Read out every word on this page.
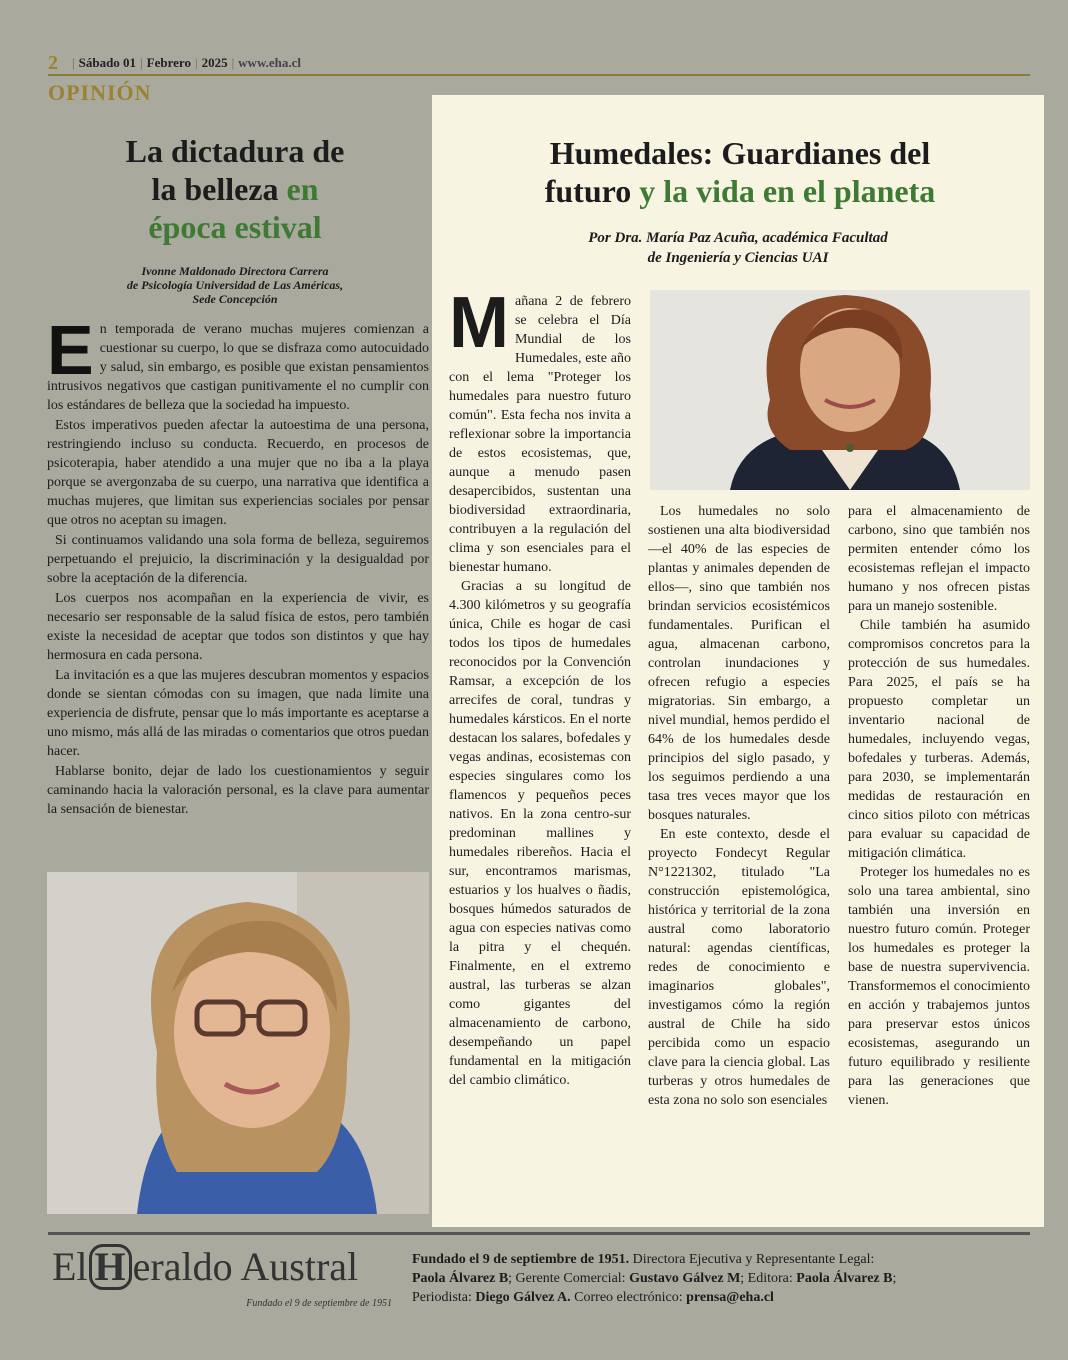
2 | Sábado 01 | Febrero | 2025 | www.eha.cl
OPINIÓN
La dictadura de
la belleza en
época estival
Ivonne Maldonado Directora Carrera
de Psicología Universidad de Las Américas,
Sede Concepción

En temporada de verano muchas mujeres comienzan a cuestionar su cuerpo, lo que se disfraza como autocuidado y salud, sin embargo, es posible que existan pensamientos intrusivos negativos que castigan punitivamente el no cumplir con los estándares de belleza que la sociedad ha impuesto.

Estos imperativos pueden afectar la autoestima de una persona, restringiendo incluso su conducta. Recuerdo, en procesos de psicoterapia, haber atendido a una mujer que no iba a la playa porque se avergonzaba de su cuerpo, una narrativa que identifica a muchas mujeres, que limitan sus experiencias sociales por pensar que otros no aceptan su imagen.

Si continuamos validando una sola forma de belleza, seguiremos perpetuando el prejuicio, la discriminación y la desigualdad por sobre la aceptación de la diferencia.

Los cuerpos nos acompañan en la experiencia de vivir, es necesario ser responsable de la salud física de estos, pero también existe la necesidad de aceptar que todos son distintos y que hay hermosura en cada persona.

La invitación es a que las mujeres descubran momentos y espacios donde se sientan cómodas con su imagen, que nada limite una experiencia de disfrute, pensar que lo más importante es aceptarse a uno mismo, más allá de las miradas o comentarios que otros puedan hacer.

Hablarse bonito, dejar de lado los cuestionamientos y seguir caminando hacia la valoración personal, es la clave para aumentar la sensación de bienestar.

Humedales: Guardianes del
futuro y la vida en el planeta
Por Dra. María Paz Acuña, académica Facultad
de Ingeniería y Ciencias UAI

Mañana 2 de febrero se celebra el Día Mundial de los Humedales, este año con el lema "Proteger los humedales para nuestro futuro común". Esta fecha nos invita a reflexionar sobre la importancia de estos ecosistemas, que, aunque a menudo pasen desapercibidos, sustentan una biodiversidad extraordinaria, contribuyen a la regulación del clima y son esenciales para el bienestar humano.

Gracias a su longitud de 4.300 kilómetros y su geografía única, Chile es hogar de casi todos los tipos de humedales reconocidos por la Convención Ramsar, a excepción de los arrecifes de coral, tundras y humedales kársticos. En el norte destacan los salares, bofedales y vegas andinas, ecosistemas con especies singulares como los flamencos y pequeños peces nativos. En la zona centro-sur predominan mallines y humedales ribereños. Hacia el sur, encontramos marismas, estuarios y los hualves o ñadis, bosques húmedos saturados de agua con especies nativas como la pitra y el chequén. Finalmente, en el extremo austral, las turberas se alzan como gigantes del almacenamiento de carbono, desempeñando un papel fundamental en la mitigación del cambio climático.

Los humedales no solo sostienen una alta biodiversidad—el 40% de las especies de plantas y animales dependen de ellos—, sino que también nos brindan servicios ecosistémicos fundamentales. Purifican el agua, almacenan carbono, controlan inundaciones y ofrecen refugio a especies migratorias. Sin embargo, a nivel mundial, hemos perdido el 64% de los humedales desde principios del siglo pasado, y los seguimos perdiendo a una tasa tres veces mayor que los bosques naturales.

En este contexto, desde el proyecto Fondecyt Regular N°1221302, titulado "La construcción epistemológica, histórica y territorial de la zona austral como laboratorio natural: agendas científicas, redes de conocimiento e imaginarios globales", investigamos cómo la región austral de Chile ha sido percibida como un espacio clave para la ciencia global. Las turberas y otros humedales de esta zona no solo son esenciales

para el almacenamiento de carbono, sino que también nos permiten entender cómo los ecosistemas reflejan el impacto humano y nos ofrecen pistas para un manejo sostenible.

Chile también ha asumido compromisos concretos para la protección de sus humedales. Para 2025, el país se ha propuesto completar un inventario nacional de humedales, incluyendo vegas, bofedales y turberas. Además, para 2030, se implementarán medidas de restauración en cinco sitios piloto con métricas para evaluar su capacidad de mitigación climática.

Proteger los humedales no es solo una tarea ambiental, sino también una inversión en nuestro futuro común. Proteger los humedales es proteger la base de nuestra supervivencia. Transformemos el conocimiento en acción y trabajemos juntos para preservar estos únicos ecosistemas, asegurando un futuro equilibrado y resiliente para las generaciones que vienen.

El H eraldo Austral
Fundado el 9 de septiembre de 1951
Fundado el 9 de septiembre de 1951. Directora Ejecutiva y Representante Legal:
Paola Álvarez B; Gerente Comercial: Gustavo Gálvez M; Editora: Paola Álvarez B;
Periodista: Diego Gálvez A. Correo electrónico: prensa@eha.cl
